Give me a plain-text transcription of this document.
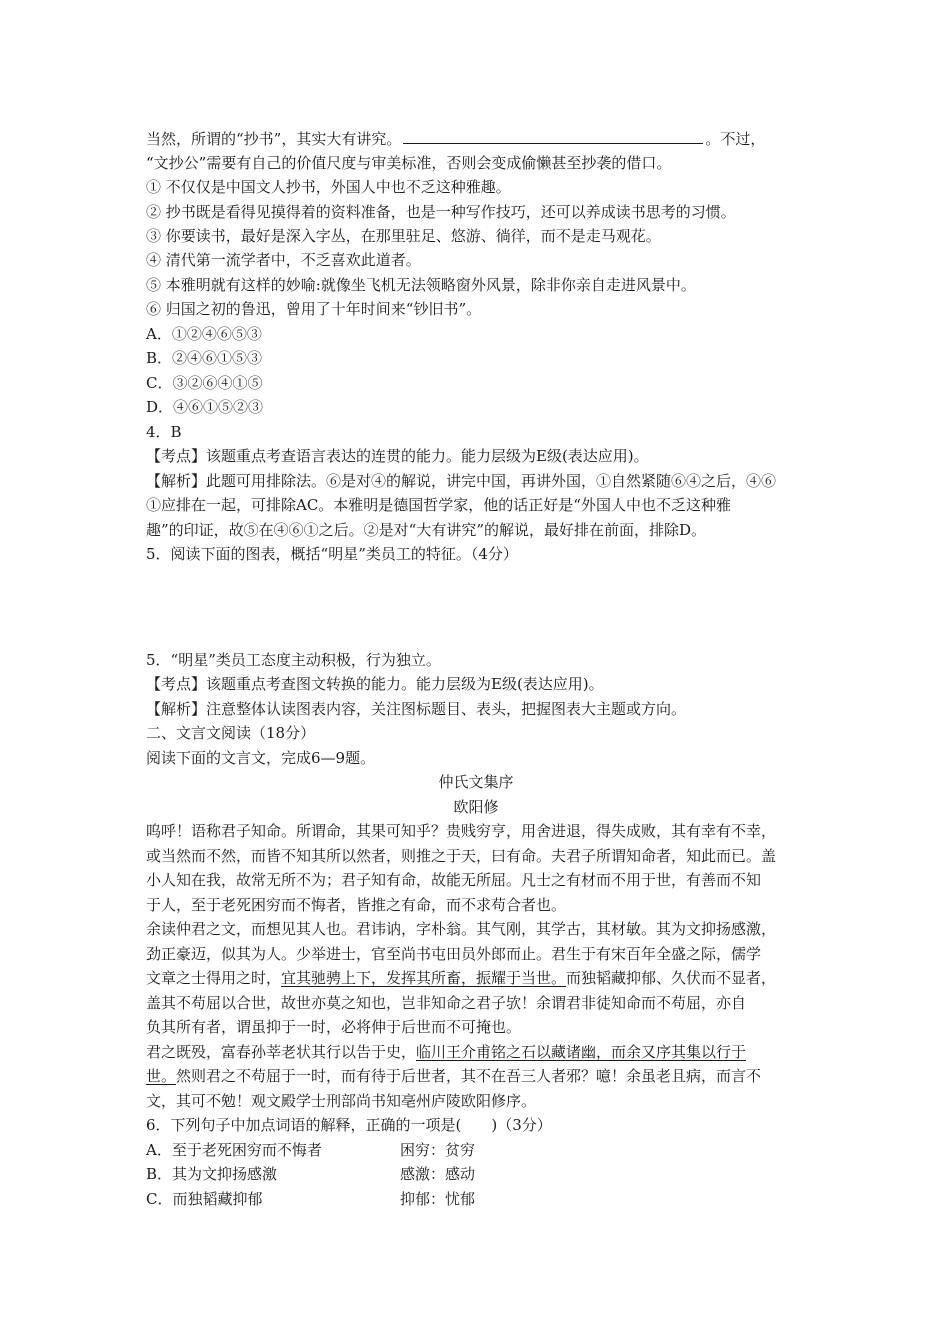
当然，所谓的“抄书”，其实大有讲究。	。不过，
“文抄公”需要有自己的价值尺度与审美标准，否则会变成偷懒甚至抄袭的借口。
① 不仅仅是中国文人抄书，外国人中也不乏这种雅趣。
② 抄书既是看得见摸得着的资料准备，也是一种写作技巧，还可以养成读书思考的习惯。
③ 你要读书，最好是深入字丛，在那里驻足、悠游、徜徉，而不是走马观花。
④ 清代第一流学者中，不乏喜欢此道者。
⑤ 本雅明就有这样的妙喻:就像坐飞机无法领略窗外风景，除非你亲自走进风景中。
⑥ 归国之初的鲁迅，曾用了十年时间来“钞旧书”。
A．①②④⑥⑤③
B．②④⑥①⑤③
C．③②⑥④①⑤
D．④⑥①⑤②③
4．B
【考点】该题重点考查语言表达的连贯的能力。能力层级为E级(表达应用)。
【解析】此题可用排除法。⑥是对④的解说，讲完中国，再讲外国，①自然紧随⑥④之后，④⑥
①应排在一起，可排除AC。本雅明是德国哲学家，他的话正好是“外国人中也不乏这种雅
趣”的印证，故⑤在④⑥①之后。②是对“大有讲究”的解说，最好排在前面，排除D。
5．阅读下面的图表，概括“明星”类员工的特征。（4分）
5．“明星”类员工态度主动积极，行为独立。
【考点】该题重点考查图文转换的能力。能力层级为E级(表达应用)。
【解析】注意整体认读图表内容，关注图标题目、表头，把握图表大主题或方向。
二、文言文阅读（18分）
阅读下面的文言文，完成6—9题。
仲氏文集序
欧阳修
呜呼！语称君子知命。所谓命，其果可知乎？贵贱穷亨，用舍进退，得失成败，其有幸有不幸，
或当然而不然，而皆不知其所以然者，则推之于天，曰有命。夫君子所谓知命者，知此而已。盖
小人知在我，故常无所不为；君子知有命，故能无所屈。凡士之有材而不用于世，有善而不知
于人，至于老死困穷而不悔者，皆推之有命，而不求苟合者也。
余读仲君之文，而想见其人也。君讳讷，字朴翁。其气刚，其学古，其材敏。其为文抑扬感激，
劲正豪迈，似其为人。少举进士，官至尚书屯田员外郎而止。君生于有宋百年全盛之际，儒学
文章之士得用之时，宜其驰骋上下，发挥其所畜，振耀于当世。而独韬藏抑郁、久伏而不显者，
盖其不苟屈以合世，故世亦莫之知也，岂非知命之君子欤！余谓君非徒知命而不苟屈，亦自
负其所有者，谓虽抑于一时，必将伸于后世而不可掩也。
君之既殁，富春孙莘老状其行以告于史，临川王介甫铭之石以藏诸幽，而余又序其集以行于
世。然则君之不苟屈于一时，而有待于后世者，其不在吾三人者邪？噫！余虽老且病，而言不
文，其可不勉！观文殿学士刑部尚书知亳州庐陵欧阳修序。
6．下列句子中加点词语的解释，正确的一项是(　　)（3分）
A．至于老死困穷而不悔者	困穷：贫穷
B．其为文抑扬感激	感激：感动
C．而独韬藏抑郁	抑郁：忧郁
